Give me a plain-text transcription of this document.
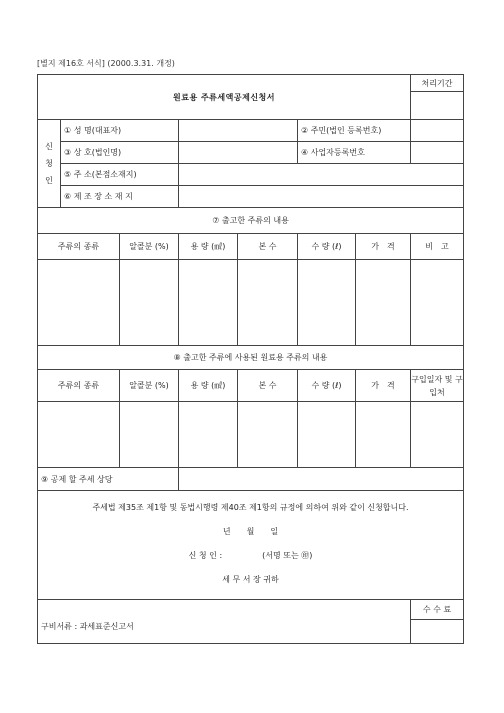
[별지 제16호 서식] (2000.3.31. 개정)
원료용 주류세액공제신청서							처리기간

신
청
인	① 성 명(대표자)				② 주민(법인 등록번호)		
	③ 상 호(법인명)				④ 사업자등록번호		
	⑤ 주 소(본점소재지)						
	⑥ 제 조 장 소 재 지						
⑦ 출고한 주류의 내용							
주류의 종류		알콜분 (%)	용 량 (㎖)	본 수	수 량 (ℓ)	가　격	비　고

⑧ 출고한 주류에 사용된 원료용 주류의 내용							
주류의 종류		알콜분 (%)	용 량 (㎖)	본 수	수 량 (ℓ)	가　격	구입일자 및 구입처

⑨ 공제 할 주세 상당							

주세법 제35조 제1항 및 동법시행령 제40조 제1항의 규정에 의하여 위와 같이 신청합니다.
년　　월　　일
신 청 인 :　　　　　(서명 또는 ㊞)
세 무 서 장 귀하							

구비서류 : 과세표준신고서							수 수 료
